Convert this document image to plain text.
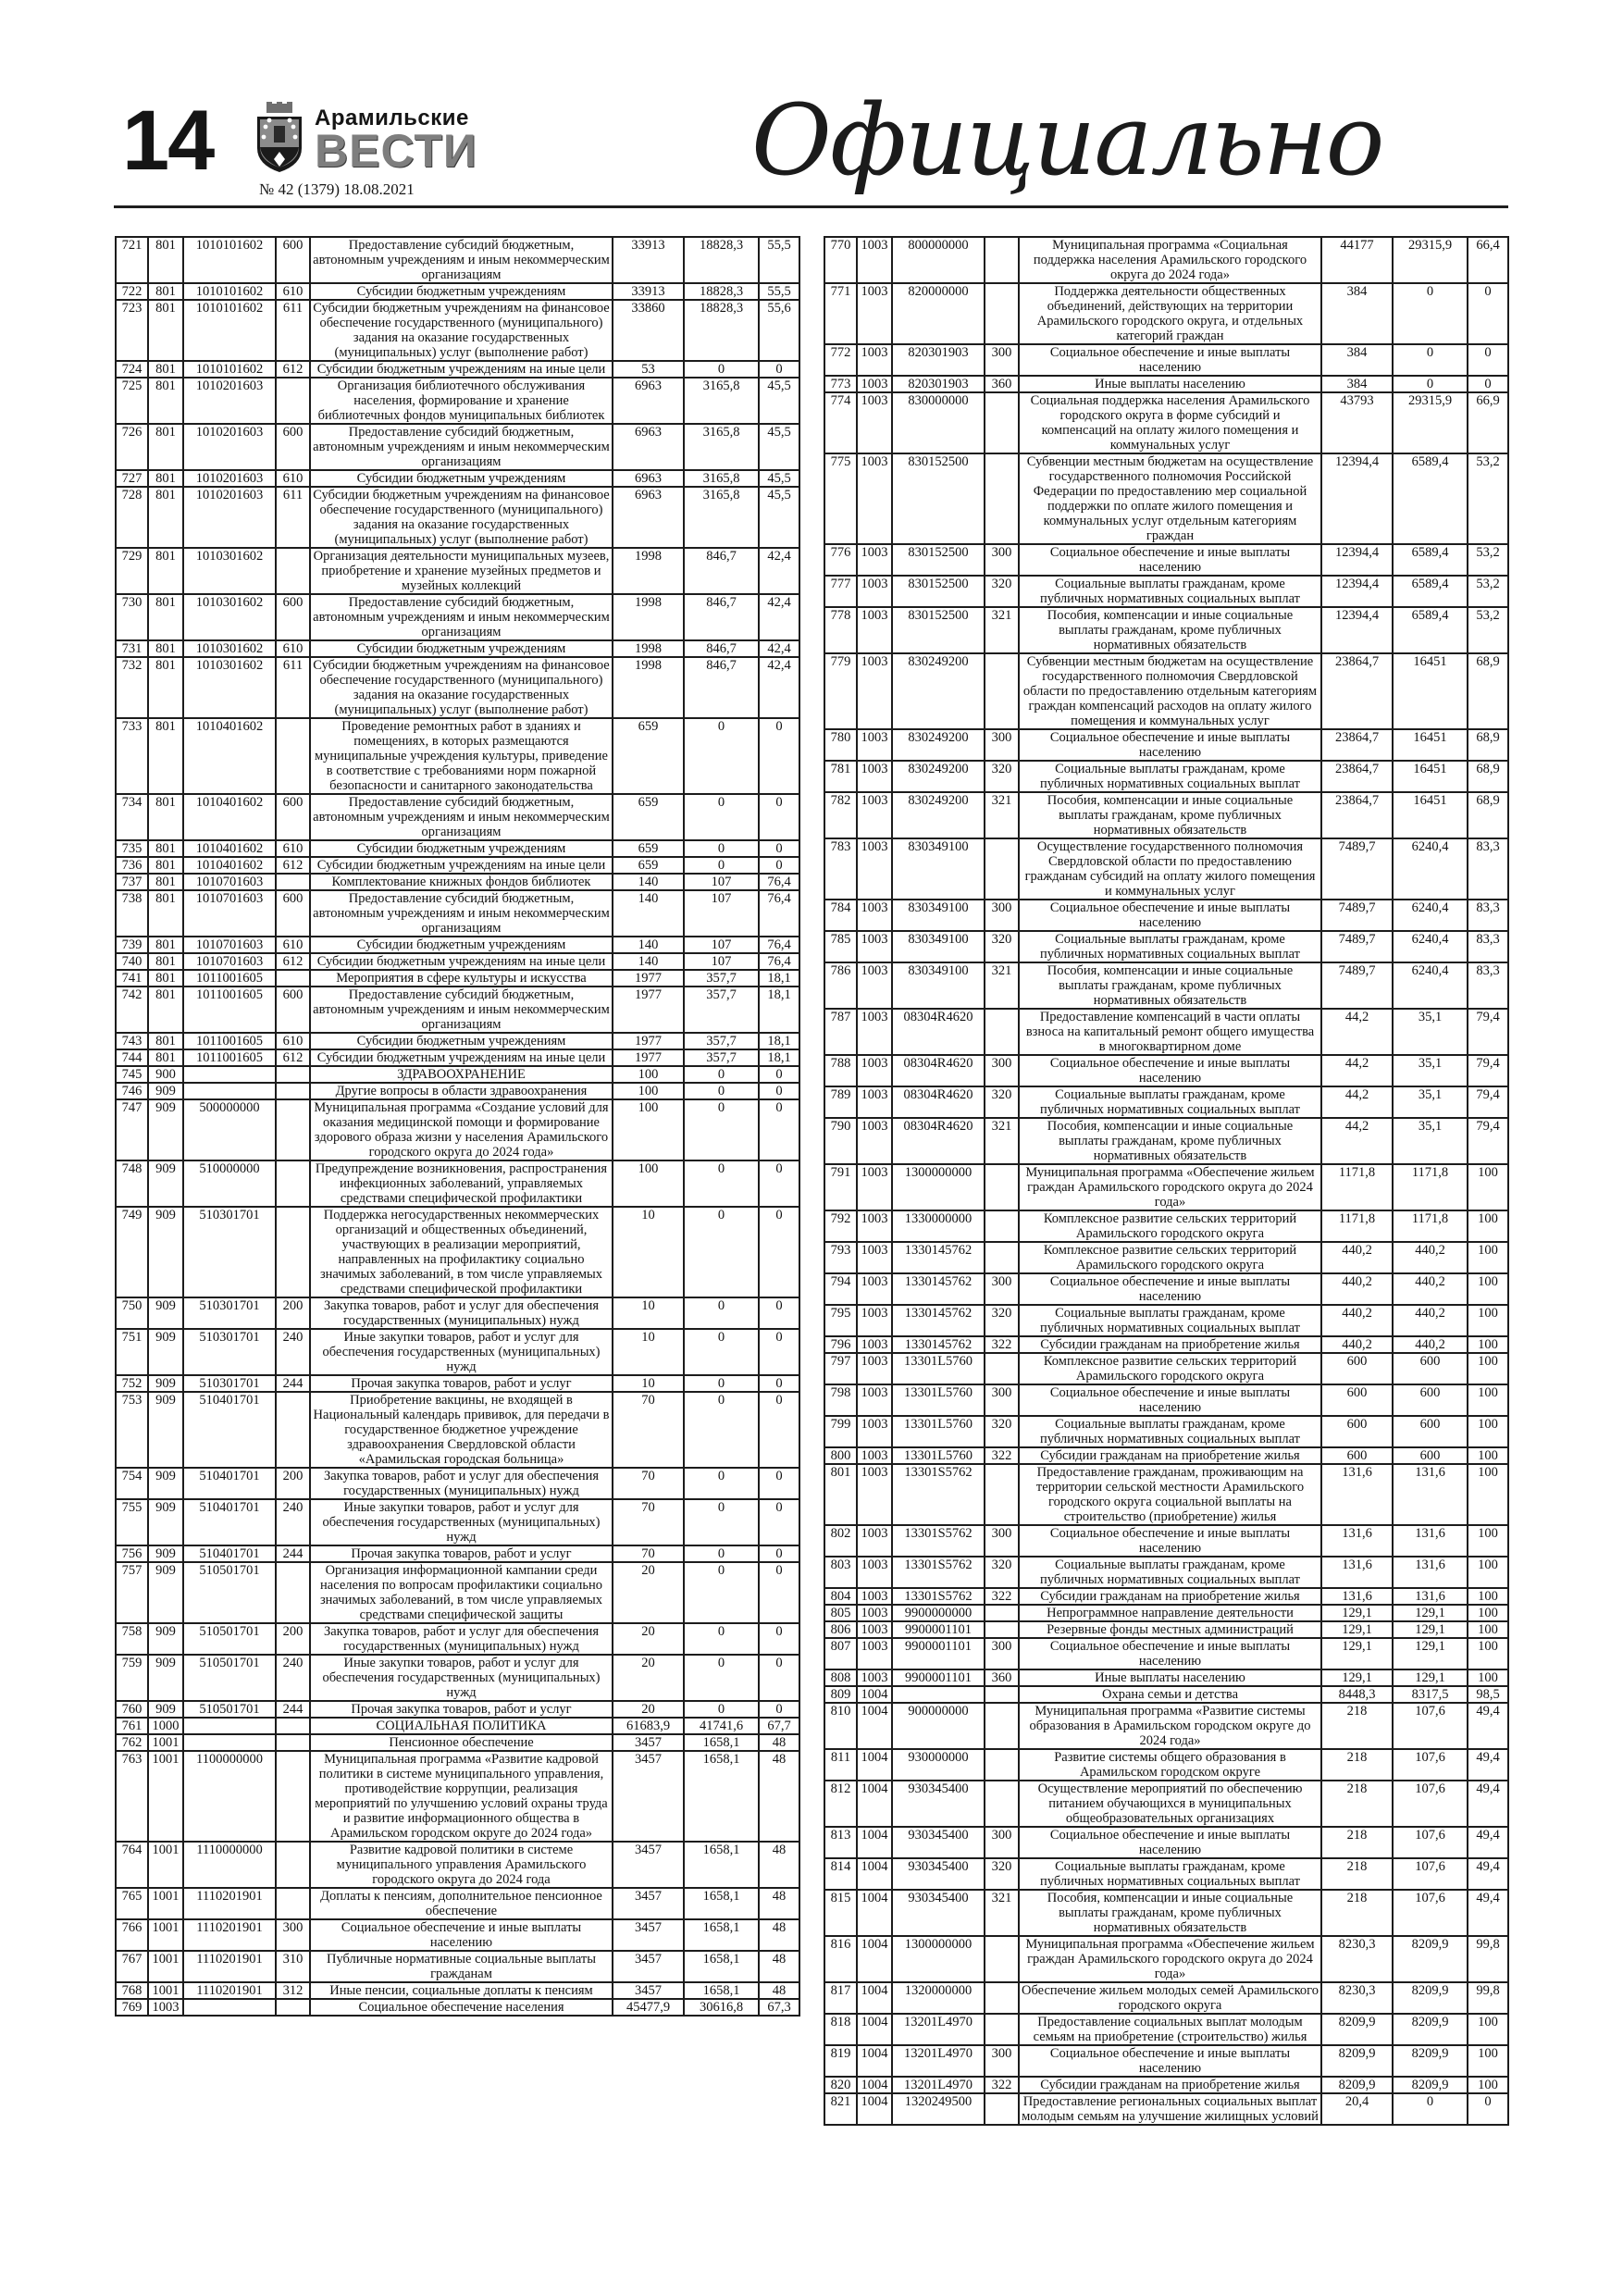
14	Арамильские
ВЕСТИ
№ 42 (1379) 18.08.2021	Официально
721	801	1010101602	600	Предоставление субсидий бюджетным, автономным учреждениям и иным некоммерческим организациям	33913	18828,3	55,5
722	801	1010101602	610	Субсидии бюджетным учреждениям	33913	18828,3	55,5
723	801	1010101602	611	Субсидии бюджетным учреждениям на финансовое обеспечение государственного (муниципального) задания на оказание государственных (муниципальных) услуг (выполнение работ)	33860	18828,3	55,6
724	801	1010101602	612	Субсидии бюджетным учреждениям на иные цели	53	0	0
725	801	1010201603		Организация библиотечного обслуживания населения, формирование и хранение библиотечных фондов муниципальных библиотек	6963	3165,8	45,5
726	801	1010201603	600	Предоставление субсидий бюджетным, автономным учреждениям и иным некоммерческим организациям	6963	3165,8	45,5
727	801	1010201603	610	Субсидии бюджетным учреждениям	6963	3165,8	45,5
728	801	1010201603	611	Субсидии бюджетным учреждениям на финансовое обеспечение государственного (муниципального) задания на оказание государственных (муниципальных) услуг (выполнение работ)	6963	3165,8	45,5
729	801	1010301602		Организация деятельности муниципальных музеев, приобретение и хранение музейных предметов и музейных коллекций	1998	846,7	42,4
730	801	1010301602	600	Предоставление субсидий бюджетным, автономным учреждениям и иным некоммерческим организациям	1998	846,7	42,4
731	801	1010301602	610	Субсидии бюджетным учреждениям	1998	846,7	42,4
732	801	1010301602	611	Субсидии бюджетным учреждениям на финансовое обеспечение государственного (муниципального) задания на оказание государственных (муниципальных) услуг (выполнение работ)	1998	846,7	42,4
733	801	1010401602		Проведение ремонтных работ в зданиях и помещениях, в которых размещаются муниципальные учреждения культуры, приведение в соответствие с требованиями норм пожарной безопасности и санитарного законодательства	659	0	0
734	801	1010401602	600	Предоставление субсидий бюджетным, автономным учреждениям и иным некоммерческим организациям	659	0	0
735	801	1010401602	610	Субсидии бюджетным учреждениям	659	0	0
736	801	1010401602	612	Субсидии бюджетным учреждениям на иные цели	659	0	0
737	801	1010701603		Комплектование книжных фондов библиотек	140	107	76,4
738	801	1010701603	600	Предоставление субсидий бюджетным, автономным учреждениям и иным некоммерческим организациям	140	107	76,4
739	801	1010701603	610	Субсидии бюджетным учреждениям	140	107	76,4
740	801	1010701603	612	Субсидии бюджетным учреждениям на иные цели	140	107	76,4
741	801	1011001605		Мероприятия в сфере культуры и искусства	1977	357,7	18,1
742	801	1011001605	600	Предоставление субсидий бюджетным, автономным учреждениям и иным некоммерческим организациям	1977	357,7	18,1
743	801	1011001605	610	Субсидии бюджетным учреждениям	1977	357,7	18,1
744	801	1011001605	612	Субсидии бюджетным учреждениям на иные цели	1977	357,7	18,1
745	900			ЗДРАВООХРАНЕНИЕ	100	0	0
746	909			Другие вопросы в области здравоохранения	100	0	0
747	909	500000000		Муниципальная программа «Создание условий для оказания медицинской помощи и формирование здорового образа жизни у населения Арамильского городского округа до 2024 года»	100	0	0
748	909	510000000		Предупреждение возникновения, распространения инфекционных заболеваний, управляемых средствами специфической профилактики	100	0	0
749	909	510301701		Поддержка негосударственных некоммерческих организаций и общественных объединений, участвующих в реализации мероприятий, направленных на профилактику социально значимых заболеваний, в том числе управляемых средствами специфической профилактики	10	0	0
750	909	510301701	200	Закупка товаров, работ и услуг для обеспечения государственных (муниципальных) нужд	10	0	0
751	909	510301701	240	Иные закупки товаров, работ и услуг для обеспечения государственных (муниципальных) нужд	10	0	0
752	909	510301701	244	Прочая закупка товаров, работ и услуг	10	0	0
753	909	510401701		Приобретение вакцины, не входящей в Национальный календарь прививок, для передачи в государственное бюджетное учреждение здравоохранения Свердловской области «Арамильская городская больница»	70	0	0
754	909	510401701	200	Закупка товаров, работ и услуг для обеспечения государственных (муниципальных) нужд	70	0	0
755	909	510401701	240	Иные закупки товаров, работ и услуг для обеспечения государственных (муниципальных) нужд	70	0	0
756	909	510401701	244	Прочая закупка товаров, работ и услуг	70	0	0
757	909	510501701		Организация информационной кампании среди населения по вопросам профилактики социально значимых заболеваний, в том числе управляемых средствами специфической защиты	20	0	0
758	909	510501701	200	Закупка товаров, работ и услуг для обеспечения государственных (муниципальных) нужд	20	0	0
759	909	510501701	240	Иные закупки товаров, работ и услуг для обеспечения государственных (муниципальных) нужд	20	0	0
760	909	510501701	244	Прочая закупка товаров, работ и услуг	20	0	0
761	1000			СОЦИАЛЬНАЯ ПОЛИТИКА	61683,9	41741,6	67,7
762	1001			Пенсионное обеспечение	3457	1658,1	48
763	1001	1100000000		Муниципальная программа «Развитие кадровой политики в системе муниципального управления, противодействие коррупции, реализация мероприятий по улучшению условий охраны труда и развитие информационного общества в Арамильском городском округе до 2024 года»	3457	1658,1	48
764	1001	1110000000		Развитие кадровой политики в системе муниципального управления Арамильского городского округа до 2024 года	3457	1658,1	48
765	1001	1110201901		Доплаты к пенсиям, дополнительное пенсионное обеспечение	3457	1658,1	48
766	1001	1110201901	300	Социальное обеспечение и иные выплаты населению	3457	1658,1	48
767	1001	1110201901	310	Публичные нормативные социальные выплаты гражданам	3457	1658,1	48
768	1001	1110201901	312	Иные пенсии, социальные доплаты к пенсиям	3457	1658,1	48
769	1003			Социальное обеспечение населения	45477,9	30616,8	67,3
770	1003	800000000		Муниципальная программа «Социальная поддержка населения Арамильского городского округа до 2024 года»	44177	29315,9	66,4
771	1003	820000000		Поддержка деятельности общественных объединений, действующих на территории Арамильского городского округа, и отдельных категорий граждан	384	0	0
772	1003	820301903	300	Социальное обеспечение и иные выплаты населению	384	0	0
773	1003	820301903	360	Иные выплаты населению	384	0	0
774	1003	830000000		Социальная поддержка населения Арамильского городского округа в форме субсидий и компенсаций на оплату жилого помещения и коммунальных услуг	43793	29315,9	66,9
775	1003	830152500		Субвенции местным бюджетам на осуществление государственного полномочия Российской Федерации по предоставлению мер социальной поддержки по оплате жилого помещения и коммунальных услуг отдельным категориям граждан	12394,4	6589,4	53,2
776	1003	830152500	300	Социальное обеспечение и иные выплаты населению	12394,4	6589,4	53,2
777	1003	830152500	320	Социальные выплаты гражданам, кроме публичных нормативных социальных выплат	12394,4	6589,4	53,2
778	1003	830152500	321	Пособия, компенсации и иные социальные выплаты гражданам, кроме публичных нормативных обязательств	12394,4	6589,4	53,2
779	1003	830249200		Субвенции местным бюджетам на осуществление государственного полномочия Свердловской области по предоставлению отдельным категориям граждан компенсаций расходов на оплату жилого помещения и коммунальных услуг	23864,7	16451	68,9
780	1003	830249200	300	Социальное обеспечение и иные выплаты населению	23864,7	16451	68,9
781	1003	830249200	320	Социальные выплаты гражданам, кроме публичных нормативных социальных выплат	23864,7	16451	68,9
782	1003	830249200	321	Пособия, компенсации и иные социальные выплаты гражданам, кроме публичных нормативных обязательств	23864,7	16451	68,9
783	1003	830349100		Осуществление государственного полномочия Свердловской области по предоставлению гражданам субсидий на оплату жилого помещения и коммунальных услуг	7489,7	6240,4	83,3
784	1003	830349100	300	Социальное обеспечение и иные выплаты населению	7489,7	6240,4	83,3
785	1003	830349100	320	Социальные выплаты гражданам, кроме публичных нормативных социальных выплат	7489,7	6240,4	83,3
786	1003	830349100	321	Пособия, компенсации и иные социальные выплаты гражданам, кроме публичных нормативных обязательств	7489,7	6240,4	83,3
787	1003	08304R4620		Предоставление компенсаций в части оплаты взноса на капитальный ремонт общего имущества в многоквартирном доме	44,2	35,1	79,4
788	1003	08304R4620	300	Социальное обеспечение и иные выплаты населению	44,2	35,1	79,4
789	1003	08304R4620	320	Социальные выплаты гражданам, кроме публичных нормативных социальных выплат	44,2	35,1	79,4
790	1003	08304R4620	321	Пособия, компенсации и иные социальные выплаты гражданам, кроме публичных нормативных обязательств	44,2	35,1	79,4
791	1003	1300000000		Муниципальная программа «Обеспечение жильем граждан Арамильского городского округа до 2024 года»	1171,8	1171,8	100
792	1003	1330000000		Комплексное развитие сельских территорий Арамильского городского округа	1171,8	1171,8	100
793	1003	1330145762		Комплексное развитие сельских территорий Арамильского городского округа	440,2	440,2	100
794	1003	1330145762	300	Социальное обеспечение и иные выплаты населению	440,2	440,2	100
795	1003	1330145762	320	Социальные выплаты гражданам, кроме публичных нормативных социальных выплат	440,2	440,2	100
796	1003	1330145762	322	Субсидии гражданам на приобретение жилья	440,2	440,2	100
797	1003	13301L5760		Комплексное развитие сельских территорий Арамильского городского округа	600	600	100
798	1003	13301L5760	300	Социальное обеспечение и иные выплаты населению	600	600	100
799	1003	13301L5760	320	Социальные выплаты гражданам, кроме публичных нормативных социальных выплат	600	600	100
800	1003	13301L5760	322	Субсидии гражданам на приобретение жилья	600	600	100
801	1003	13301S5762		Предоставление гражданам, проживающим на территории сельской местности Арамильского городского округа социальной выплаты на строительство (приобретение) жилья	131,6	131,6	100
802	1003	13301S5762	300	Социальное обеспечение и иные выплаты населению	131,6	131,6	100
803	1003	13301S5762	320	Социальные выплаты гражданам, кроме публичных нормативных социальных выплат	131,6	131,6	100
804	1003	13301S5762	322	Субсидии гражданам на приобретение жилья	131,6	131,6	100
805	1003	9900000000		Непрограммное направление деятельности	129,1	129,1	100
806	1003	9900001101		Резервные фонды местных администраций	129,1	129,1	100
807	1003	9900001101	300	Социальное обеспечение и иные выплаты населению	129,1	129,1	100
808	1003	9900001101	360	Иные выплаты населению	129,1	129,1	100
809	1004			Охрана семьи и детства	8448,3	8317,5	98,5
810	1004	900000000		Муниципальная программа «Развитие системы образования в Арамильском городском округе до 2024 года»	218	107,6	49,4
811	1004	930000000		Развитие системы общего образования в Арамильском городском округе	218	107,6	49,4
812	1004	930345400		Осуществление мероприятий по обеспечению питанием обучающихся в муниципальных общеобразовательных организациях	218	107,6	49,4
813	1004	930345400	300	Социальное обеспечение и иные выплаты населению	218	107,6	49,4
814	1004	930345400	320	Социальные выплаты гражданам, кроме публичных нормативных социальных выплат	218	107,6	49,4
815	1004	930345400	321	Пособия, компенсации и иные социальные выплаты гражданам, кроме публичных нормативных обязательств	218	107,6	49,4
816	1004	1300000000		Муниципальная программа «Обеспечение жильем граждан Арамильского городского округа до 2024 года»	8230,3	8209,9	99,8
817	1004	1320000000		Обеспечение жильем молодых семей Арамильского городского округа	8230,3	8209,9	99,8
818	1004	13201L4970		Предоставление социальных выплат молодым семьям на приобретение (строительство) жилья	8209,9	8209,9	100
819	1004	13201L4970	300	Социальное обеспечение и иные выплаты населению	8209,9	8209,9	100
820	1004	13201L4970	322	Субсидии гражданам на приобретение жилья	8209,9	8209,9	100
821	1004	1320249500		Предоставление региональных социальных выплат молодым семьям на улучшение жилищных условий	20,4	0	0
